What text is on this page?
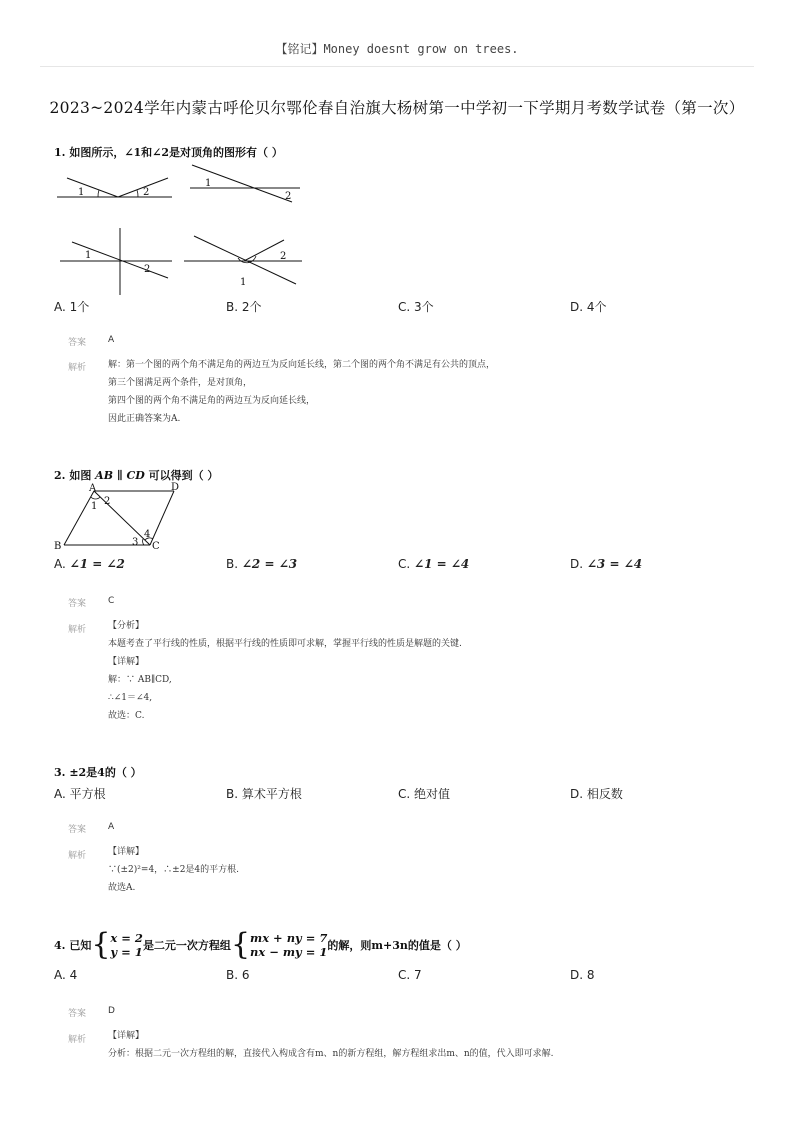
【铭记】Money doesnt grow on trees.
2023~2024学年内蒙古呼伦贝尔鄂伦春自治旗大杨树第一中学初一下学期月考数学试卷（第一次）
1. 如图所示，∠1和∠2是对顶角的图形有（ ）
1	2
1
2
1
2
2
1
A. 1个	B. 2个	C. 3个	D. 4个
答案 A
解析 解：第一个图的两个角不满足角的两边互为反向延长线，第二个图的两个角不满足有公共的顶点，
第三个图满足两个条件，是对顶角，
第四个图的两个角不满足角的两边互为反向延长线，
因此正确答案为A.
2. 如图 AB ∥ CD 可以得到（ ）
A	D
B	C
2
1
4
3
A. ∠1 = ∠2	B. ∠2 = ∠3	C. ∠1 = ∠4	D. ∠3 = ∠4
答案 C
解析 【分析】
本题考查了平行线的性质，根据平行线的性质即可求解，掌握平行线的性质是解题的关键.
【详解】
解：∵ AB∥CD,
∴∠1＝∠4,
故选：C.
3. ±2是4的（ ）
A. 平方根	B. 算术平方根	C. 绝对值	D. 相反数
答案 A
解析 【详解】
∵(±2)²=4，∴±2是4的平方根.
故选A.
4. 已知 { x = 2
y = 1 是二元一次方程组 { mx + ny = 7
nx − my = 1 的解，则m+3n的值是（ ）
A. 4	B. 6	C. 7	D. 8
答案 D
解析 【详解】
分析：根据二元一次方程组的解，直接代入构成含有m、n的新方程组，解方程组求出m、n的值，代入即可求解.
